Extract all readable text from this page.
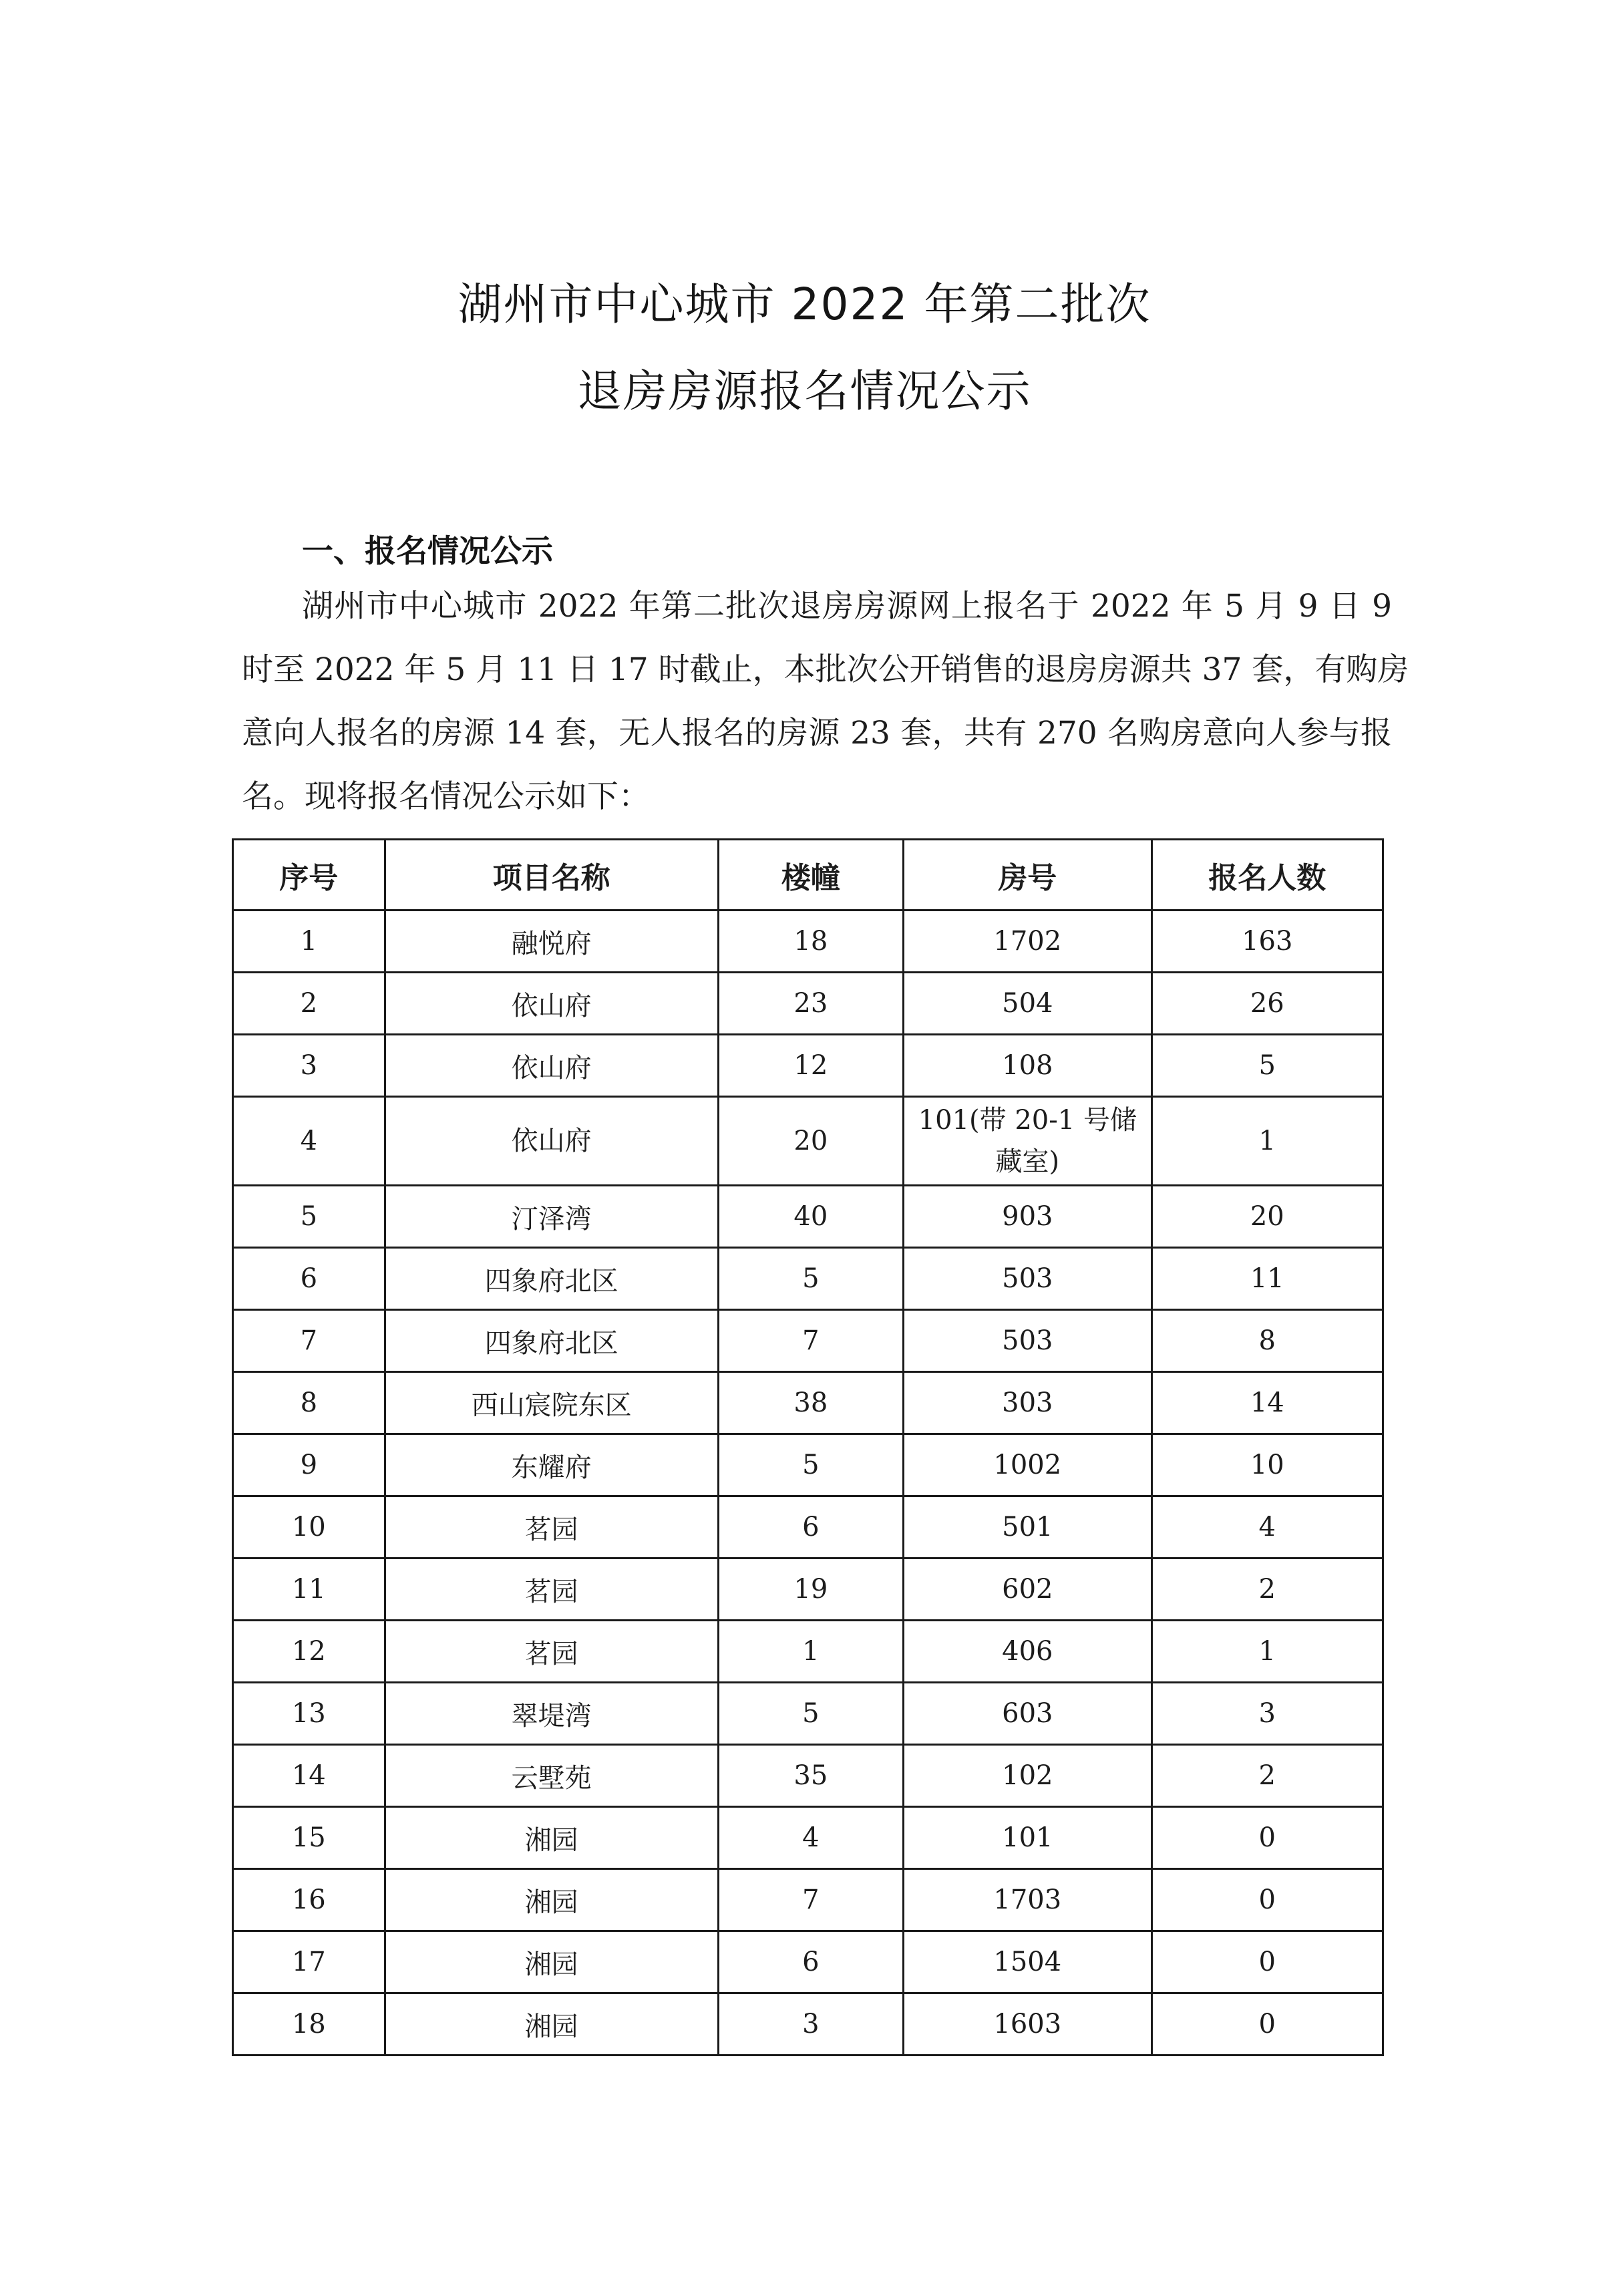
湖州市中心城市 2022 年第二批次
退房房源报名情况公示
一、报名情况公示

湖州市中心城市 2022 年第二批次退房房源网上报名于 2022 年 5 月 9 日 9

时至 2022 年 5 月 11 日 17 时截止，本批次公开销售的退房房源共 37 套，有购房

意向人报名的房源 14 套，无人报名的房源 23 套，共有 270 名购房意向人参与报

名。现将报名情况公示如下：

序号	项目名称	楼幢	房号	报名人数
1	融悦府	18	1702	163
2	依山府	23	504	26
3	依山府	12	108	5
4	依山府	20	101(带 20-1 号储藏室)	1
5	汀泽湾	40	903	20
6	四象府北区	5	503	11
7	四象府北区	7	503	8
8	西山宸院东区	38	303	14
9	东耀府	5	1002	10
10	茗园	6	501	4
11	茗园	19	602	2
12	茗园	1	406	1
13	翠堤湾	5	603	3
14	云墅苑	35	102	2
15	湘园	4	101	0
16	湘园	7	1703	0
17	湘园	6	1504	0
18	湘园	3	1603	0
